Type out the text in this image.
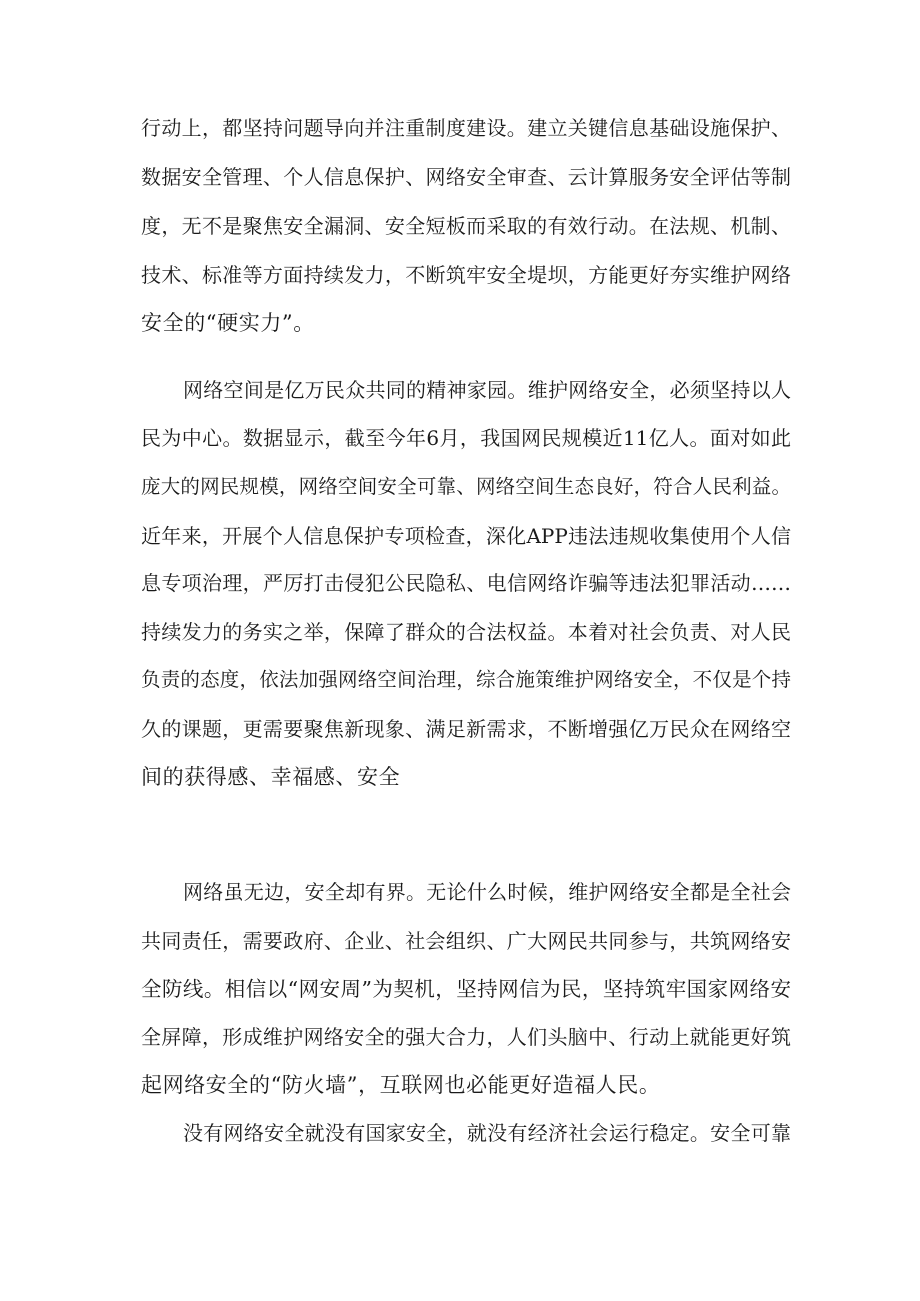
行动上，都坚持问题导向并注重制度建设。建立关键信息基础设施保护、
数据安全管理、个人信息保护、网络安全审查、云计算服务安全评估等制
度，无不是聚焦安全漏洞、安全短板而采取的有效行动。在法规、机制、
技术、标准等方面持续发力，不断筑牢安全堤坝，方能更好夯实维护网络
安全的“硬实力”。
网络空间是亿万民众共同的精神家园。维护网络安全，必须坚持以人
民为中心。数据显示，截至今年6月，我国网民规模近11亿人。面对如此
庞大的网民规模，网络空间安全可靠、网络空间生态良好，符合人民利益。
近年来，开展个人信息保护专项检查，深化APP违法违规收集使用个人信
息专项治理，严厉打击侵犯公民隐私、电信网络诈骗等违法犯罪活动……
持续发力的务实之举，保障了群众的合法权益。本着对社会负责、对人民
负责的态度，依法加强网络空间治理，综合施策维护网络安全，不仅是个持
久的课题，更需要聚焦新现象、满足新需求，不断增强亿万民众在网络空
间的获得感、幸福感、安全
网络虽无边，安全却有界。无论什么时候，维护网络安全都是全社会
共同责任，需要政府、企业、社会组织、广大网民共同参与，共筑网络安
全防线。相信以“网安周”为契机，坚持网信为民，坚持筑牢国家网络安
全屏障，形成维护网络安全的强大合力，人们头脑中、行动上就能更好筑
起网络安全的“防火墙”，互联网也必能更好造福人民。
没有网络安全就没有国家安全，就没有经济社会运行稳定。安全可靠
